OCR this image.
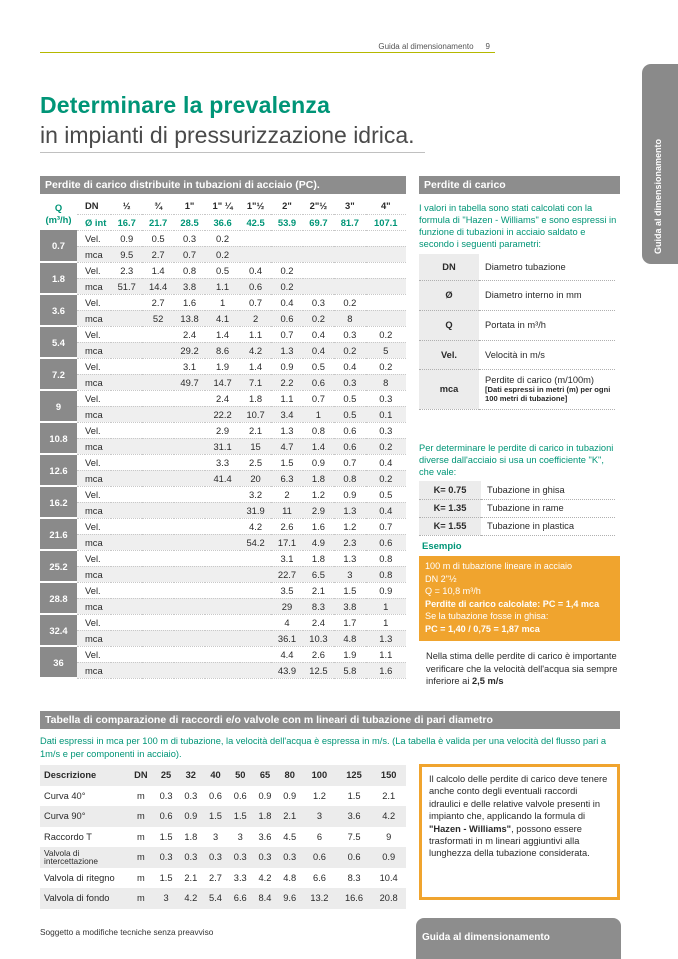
Guida al dimensionamento 9
Guida al dimensionamento
Determinare la prevalenza
in impianti di pressurizzazione idrica.
Perdite di carico distribuite in tubazioni di acciaio (PC).
Q
(m³/h)	DN	½	¾	1"	1" ¼	1"½	2"	2"½	3"	4"
	Ø int	16.7	21.7	28.5	36.6	42.5	53.9	69.7	81.7	107.1
0.7	Vel.	0.9	0.5	0.3	0.2					
	mca	9.5	2.7	0.7	0.2					
1.8	Vel.	2.3	1.4	0.8	0.5	0.4	0.2			
	mca	51.7	14.4	3.8	1.1	0.6	0.2			
3.6	Vel.		2.7	1.6	1	0.7	0.4	0.3	0.2	
	mca		52	13.8	4.1	2	0.6	0.2	8	
5.4	Vel.			2.4	1.4	1.1	0.7	0.4	0.3	0.2
	mca			29.2	8.6	4.2	1.3	0.4	0.2	5
7.2	Vel.			3.1	1.9	1.4	0.9	0.5	0.4	0.2
	mca			49.7	14.7	7.1	2.2	0.6	0.3	8
9	Vel.				2.4	1.8	1.1	0.7	0.5	0.3
	mca				22.2	10.7	3.4	1	0.5	0.1
10.8	Vel.				2.9	2.1	1.3	0.8	0.6	0.3
	mca				31.1	15	4.7	1.4	0.6	0.2
12.6	Vel.				3.3	2.5	1.5	0.9	0.7	0.4
	mca				41.4	20	6.3	1.8	0.8	0.2
16.2	Vel.					3.2	2	1.2	0.9	0.5
	mca					31.9	11	2.9	1.3	0.4
21.6	Vel.					4.2	2.6	1.6	1.2	0.7
	mca					54.2	17.1	4.9	2.3	0.6
25.2	Vel.						3.1	1.8	1.3	0.8
	mca						22.7	6.5	3	0.8
28.8	Vel.						3.5	2.1	1.5	0.9
	mca						29	8.3	3.8	1
32.4	Vel.						4	2.4	1.7	1
	mca						36.1	10.3	4.8	1.3
36	Vel.						4.4	2.6	1.9	1.1
	mca						43.9	12.5	5.8	1.6
Perdite di carico
I valori in tabella sono stati calcolati con la formula di "Hazen - Williams" e sono espressi in funzione di tubazioni in acciaio saldato e secondo i seguenti parametri:
DN	Diametro tubazione
Ø	Diametro interno in mm
Q	Portata in m³/h
Vel.	Velocità in m/s
mca	Perdite di carico (m/100m)
[Dati espressi in metri (m) per ogni 100 metri di tubazione]
Per determinare le perdite di carico in tubazioni diverse dall'acciaio si usa un coefficiente "K", che vale:
K= 0.75	Tubazione in ghisa
K= 1.35	Tubazione in rame
K= 1.55	Tubazione in plastica
Esempio
100 m di tubazione lineare in acciaio
DN 2"½
Q = 10,8 m³/h
Perdite di carico calcolate: PC = 1,4 mca
Se la tubazione fosse in ghisa:
PC = 1,40 / 0,75 = 1,87 mca
Nella stima delle perdite di carico è importante verificare che la velocità dell'acqua sia sempre inferiore ai 2,5 m/s
Tabella di comparazione di raccordi e/o valvole con m lineari di tubazione di pari diametro
Dati espressi in mca per 100 m di tubazione, la velocità dell'acqua è espressa in m/s. (La tabella è valida per una velocità del flusso pari a 1m/s e per componenti in acciaio).
Descrizione	DN	25	32	40	50	65	80	100	125	150
Curva 40°	m	0.3	0.3	0.6	0.6	0.9	0.9	1.2	1.5	2.1
Curva 90°	m	0.6	0.9	1.5	1.5	1.8	2.1	3	3.6	4.2
Raccordo T	m	1.5	1.8	3	3	3.6	4.5	6	7.5	9
Valvola di intercettazione	m	0.3	0.3	0.3	0.3	0.3	0.3	0.6	0.6	0.9
Valvola di ritegno	m	1.5	2.1	2.7	3.3	4.2	4.8	6.6	8.3	10.4
Valvola di fondo	m	3	4.2	5.4	6.6	8.4	9.6	13.2	16.6	20.8
Il calcolo delle perdite di carico deve tenere anche conto degli eventuali raccordi idraulici e delle relative valvole presenti in impianto che, applicando la formula di "Hazen - Williams", possono essere trasformati in m lineari aggiuntivi alla lunghezza della tubazione considerata.
Soggetto a modifiche tecniche senza preavviso	Guida al dimensionamento
